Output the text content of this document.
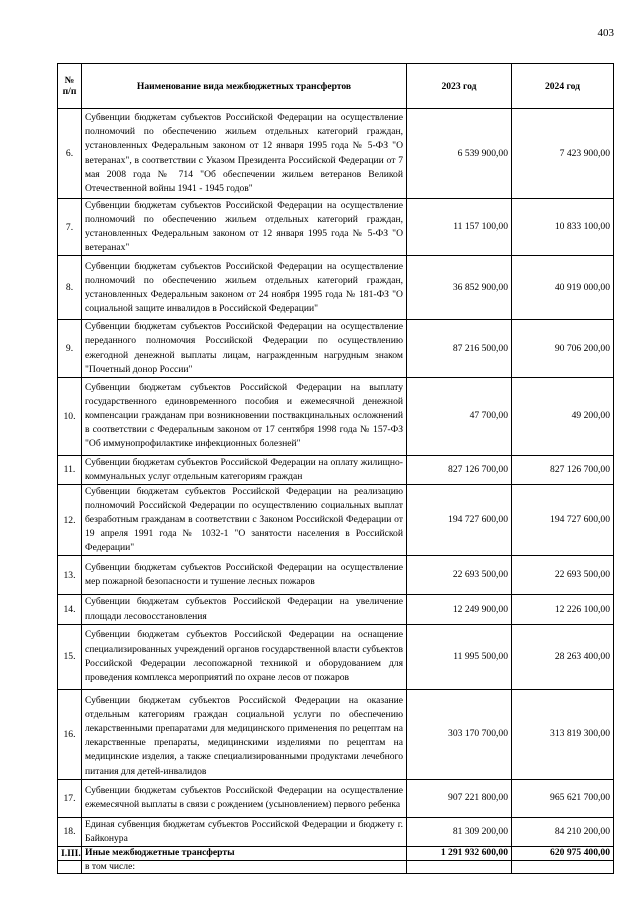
403
№ п/п	Наименование вида межбюджетных трансфертов	2023 год	2024 год
6.	Субвенции бюджетам субъектов Российской Федерации на осуществление полномочий по обеспечению жильем отдельных категорий граждан, установленных Федеральным законом от 12 января 1995 года № 5-ФЗ "О ветеранах", в соответствии с Указом Президента Российской Федерации от 7 мая 2008 года № 714 "Об обеспечении жильем ветеранов Великой Отечественной войны 1941 - 1945 годов"	6 539 900,00	7 423 900,00
7.	Субвенции бюджетам субъектов Российской Федерации на осуществление полномочий по обеспечению жильем отдельных категорий граждан, установленных Федеральным законом от 12 января 1995 года № 5-ФЗ "О ветеранах"	11 157 100,00	10 833 100,00
8.	Субвенции бюджетам субъектов Российской Федерации на осуществление полномочий по обеспечению жильем отдельных категорий граждан, установленных Федеральным законом от 24 ноября 1995 года № 181-ФЗ "О социальной защите инвалидов в Российской Федерации"	36 852 900,00	40 919 000,00
9.	Субвенции бюджетам субъектов Российской Федерации на осуществление переданного полномочия Российской Федерации по осуществлению ежегодной денежной выплаты лицам, награжденным нагрудным знаком "Почетный донор России"	87 216 500,00	90 706 200,00
10.	Субвенции бюджетам субъектов Российской Федерации на выплату государственного единовременного пособия и ежемесячной денежной компенсации гражданам при возникновении поствакцинальных осложнений в соответствии с Федеральным законом от 17 сентября 1998 года № 157-ФЗ "Об иммунопрофилактике инфекционных болезней"	47 700,00	49 200,00
11.	Субвенции бюджетам субъектов Российской Федерации на оплату жилищно-коммунальных услуг отдельным категориям граждан	827 126 700,00	827 126 700,00
12.	Субвенции бюджетам субъектов Российской Федерации на реализацию полномочий Российской Федерации по осуществлению социальных выплат безработным гражданам в соответствии с Законом Российской Федерации от 19 апреля 1991 года № 1032-1 "О занятости населения в Российской Федерации"	194 727 600,00	194 727 600,00
13.	Субвенции бюджетам субъектов Российской Федерации на осуществление мер пожарной безопасности и тушение лесных пожаров	22 693 500,00	22 693 500,00
14.	Субвенции бюджетам субъектов Российской Федерации на увеличение площади лесовосстановления	12 249 900,00	12 226 100,00
15.	Субвенции бюджетам субъектов Российской Федерации на оснащение специализированных учреждений органов государственной власти субъектов Российской Федерации лесопожарной техникой и оборудованием для проведения комплекса мероприятий по охране лесов от пожаров	11 995 500,00	28 263 400,00
16.	Субвенции бюджетам субъектов Российской Федерации на оказание отдельным категориям граждан социальной услуги по обеспечению лекарственными препаратами для медицинского применения по рецептам на лекарственные препараты, медицинскими изделиями по рецептам на медицинские изделия, а также специализированными продуктами лечебного питания для детей-инвалидов	303 170 700,00	313 819 300,00
17.	Субвенции бюджетам субъектов Российской Федерации на осуществление ежемесячной выплаты в связи с рождением (усыновлением) первого ребенка	907 221 800,00	965 621 700,00
18.	Единая субвенция бюджетам субъектов Российской Федерации и бюджету г. Байконура	81 309 200,00	84 210 200,00
I.III.	Иные межбюджетные трансферты	1 291 932 600,00	620 975 400,00
	в том числе:		
